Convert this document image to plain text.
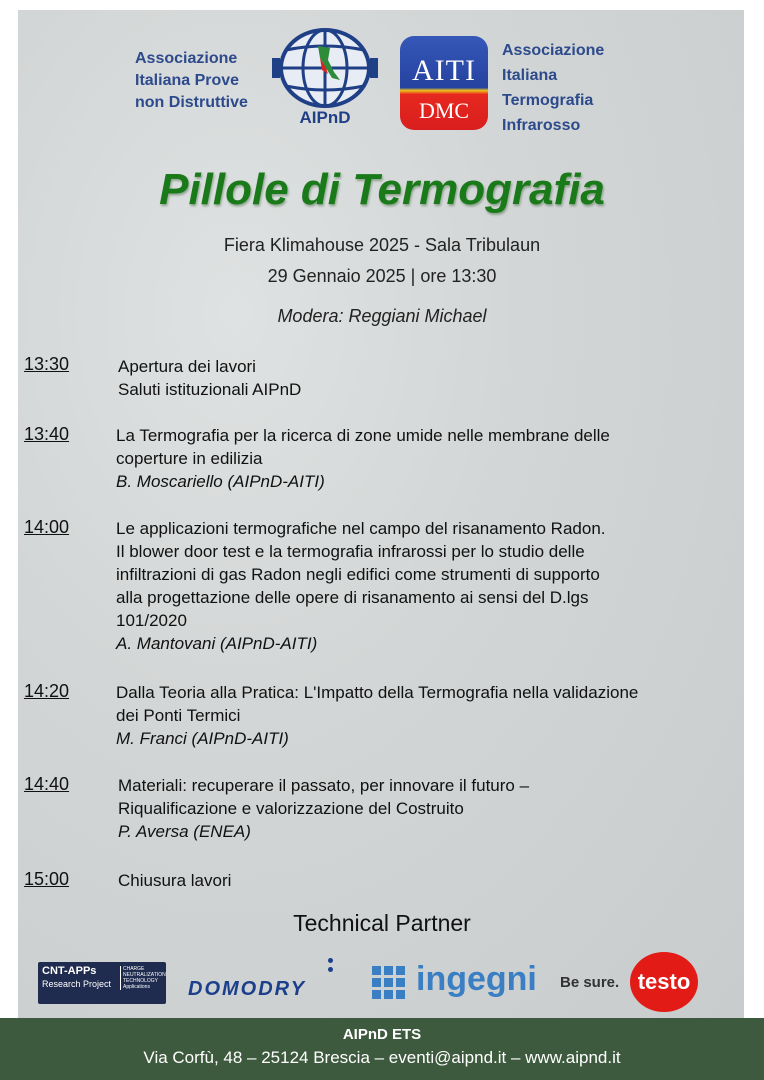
Associazione
Italiana Prove
non Distruttive
AIPnD
AITI
DMC
Associazione
Italiana
Termografia
Infrarosso
Pillole di Termografia
Fiera Klimahouse 2025 - Sala Tribulaun
29 Gennaio 2025 | ore 13:30
Modera: Reggiani Michael
13:30	Apertura dei lavori
Saluti istituzionali AIPnD
13:40	La Termografia per la ricerca di zone umide nelle membrane delle
coperture in edilizia
B. Moscariello (AIPnD-AITI)
14:00	Le applicazioni termografiche nel campo del risanamento Radon.
Il blower door test e la termografia infrarossi per lo studio delle
infiltrazioni di gas Radon negli edifici come strumenti di supporto
alla progettazione delle opere di risanamento ai sensi del D.lgs
101/2020
A. Mantovani (AIPnD-AITI)
14:20	Dalla Teoria alla Pratica: L'Impatto della Termografia nella validazione
dei Ponti Termici
M. Franci (AIPnD-AITI)
14:40	Materiali: recuperare il passato, per innovare il futuro –
Riqualificazione e valorizzazione del Costruito
P. Aversa (ENEA)
15:00	Chiusura lavori
Technical Partner
CNT-APPs
Research Project
CHARGE NEUTRALIZATION TECHNOLOGY Applications	DOMODRY	ingegni Be sure. testo
AIPnD ETS
Via Corfù, 48 – 25124 Brescia – eventi@aipnd.it – www.aipnd.it
